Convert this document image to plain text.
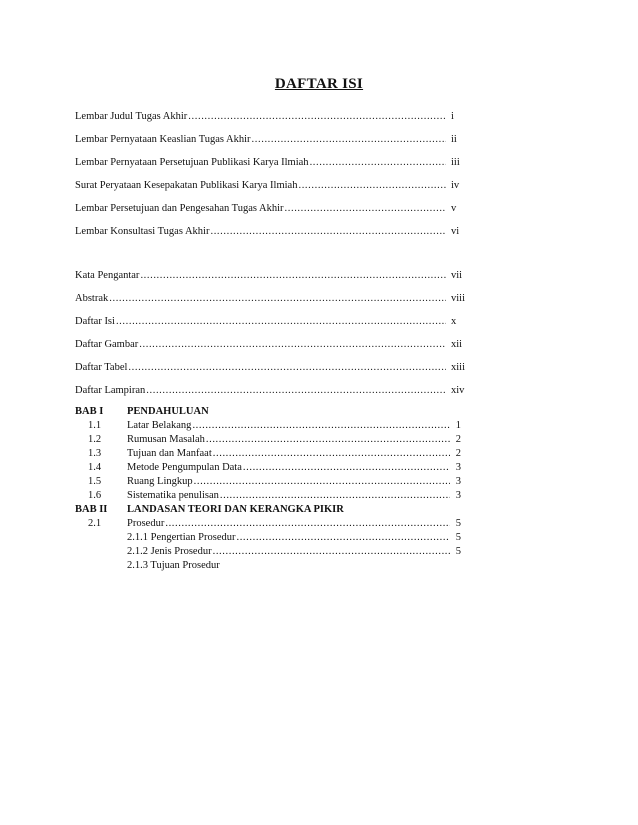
DAFTAR ISI
Lembar Judul Tugas Akhir .....	i
Lembar Pernyataan Keaslian Tugas Akhir .....	ii
Lembar Pernyataan Persetujuan Publikasi Karya Ilmiah .....	iii
Surat Peryataan Kesepakatan Publikasi Karya Ilmiah .....	iv
Lembar Persetujuan dan Pengesahan Tugas Akhir .....	v
Lembar Konsultasi Tugas Akhir .....	vi
Kata Pengantar .....	vii
Abstrak .....	viii
Daftar Isi .....	x
Daftar Gambar .....	xii
Daftar Tabel .....	xiii
Daftar Lampiran .....	xiv
BAB I PENDAHULUAN
1.1	Latar Belakang .....	1
1.2	Rumusan Masalah .....	2
1.3	Tujuan dan Manfaat .....	2
1.4	Metode Pengumpulan Data .....	3
1.5	Ruang Lingkup .....	3
1.6	Sistematika penulisan .....	3
BAB II LANDASAN TEORI DAN KERANGKA PIKIR
2.1	Prosedur .....	5
2.1.1 Pengertian Prosedur .....	5
2.1.2 Jenis Prosedur .....	5
2.1.3 Tujuan Prosedur
